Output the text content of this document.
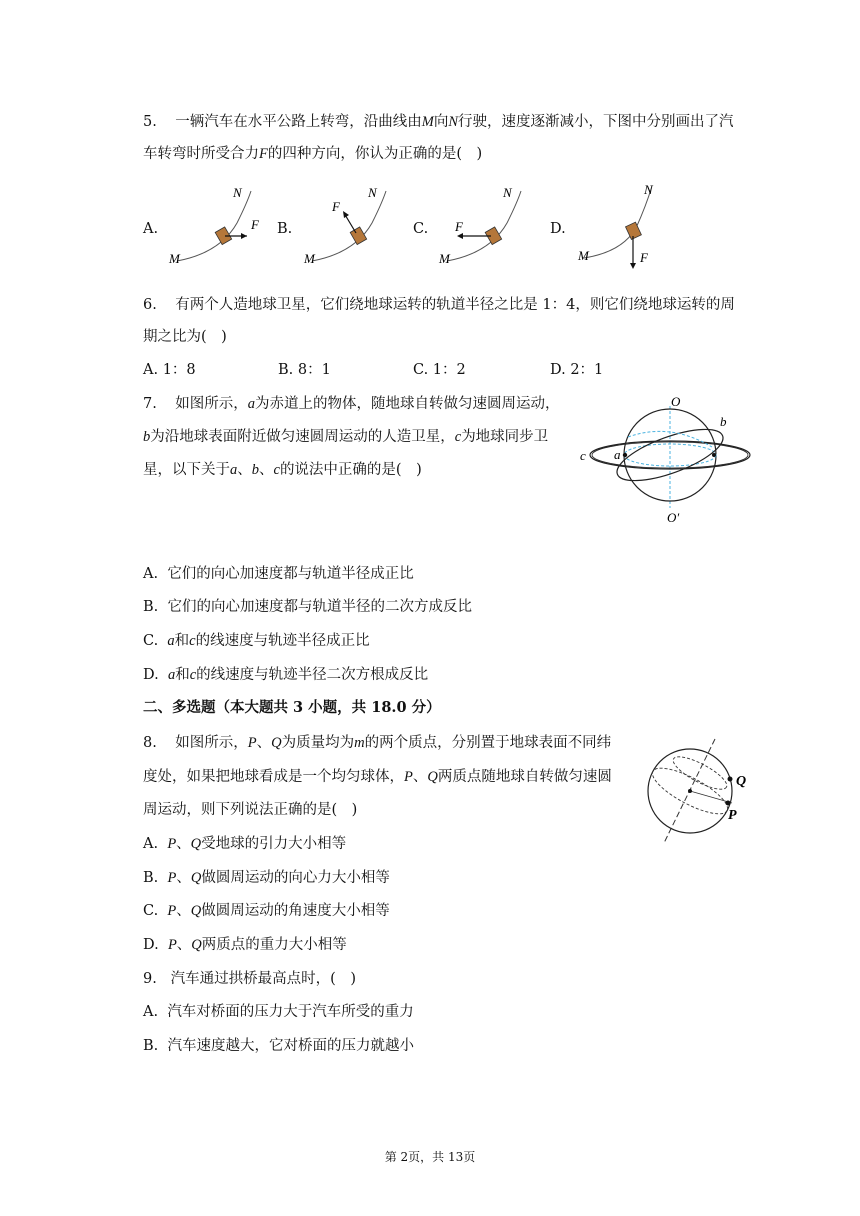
5. 一辆汽车在水平公路上转弯，沿曲线由M向N行驶，速度逐渐减小，下图中分别画出了汽
车转弯时所受合力F的四种方向，你认为正确的是( )
A.
M
N
F B.
M
N
F
C.
M
N
F	D.
M
N
F
6. 有两个人造地球卫星，它们绕地球运转的轨道半径之比是 1：4，则它们绕地球运转的周
期之比为( )
A. 1：8	B. 8：1	C. 1：2	D. 2：1
7. 如图所示，a为赤道上的物体，随地球自转做匀速圆周运动，
b为沿地球表面附近做匀速圆周运动的人造卫星，c为地球同步卫
星，以下关于a、b、c的说法中正确的是( )
O
O′
a
b
c
A. 它们的向心加速度都与轨道半径成正比
B. 它们的向心加速度都与轨道半径的二次方成反比
C. a和c的线速度与轨迹半径成正比
D. a和c的线速度与轨迹半径二次方根成反比
二、多选题（本大题共 3 小题，共 18.0 分）
8. 如图所示，P、Q为质量均为m的两个质点，分别置于地球表面不同纬
度处，如果把地球看成是一个均匀球体，P、Q两质点随地球自转做匀速圆
周运动，则下列说法正确的是( )
Q
P
A. P、Q受地球的引力大小相等
B. P、Q做圆周运动的向心力大小相等
C. P、Q做圆周运动的角速度大小相等
D. P、Q两质点的重力大小相等
9. 汽车通过拱桥最高点时，( )
A. 汽车对桥面的压力大于汽车所受的重力
B. 汽车速度越大，它对桥面的压力就越小
第 2页，共 13页
